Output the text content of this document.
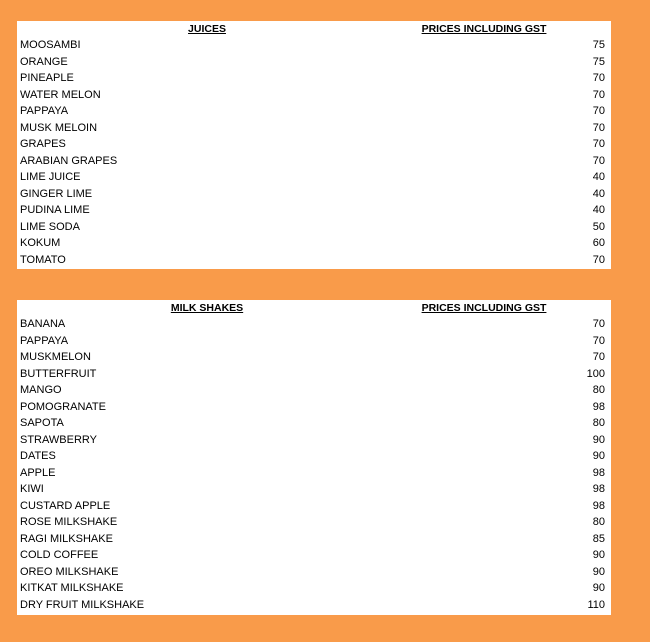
JUICES	PRICES INCLUDING GST
MOOSAMBI	75
ORANGE	75
PINEAPLE	70
WATER MELON	70
PAPPAYA	70
MUSK MELOIN	70
GRAPES	70
ARABIAN GRAPES	70
LIME JUICE	40
GINGER LIME	40
PUDINA LIME	40
LIME SODA	50
KOKUM	60
TOMATO	70
MILK SHAKES	PRICES INCLUDING GST
BANANA	70
PAPPAYA	70
MUSKMELON	70
BUTTERFRUIT	100
MANGO	80
POMOGRANATE	98
SAPOTA	80
STRAWBERRY	90
DATES	90
APPLE	98
KIWI	98
CUSTARD APPLE	98
ROSE MILKSHAKE	80
RAGI MILKSHAKE	85
COLD COFFEE	90
OREO MILKSHAKE	90
KITKAT MILKSHAKE	90
DRY FRUIT MILKSHAKE	110
